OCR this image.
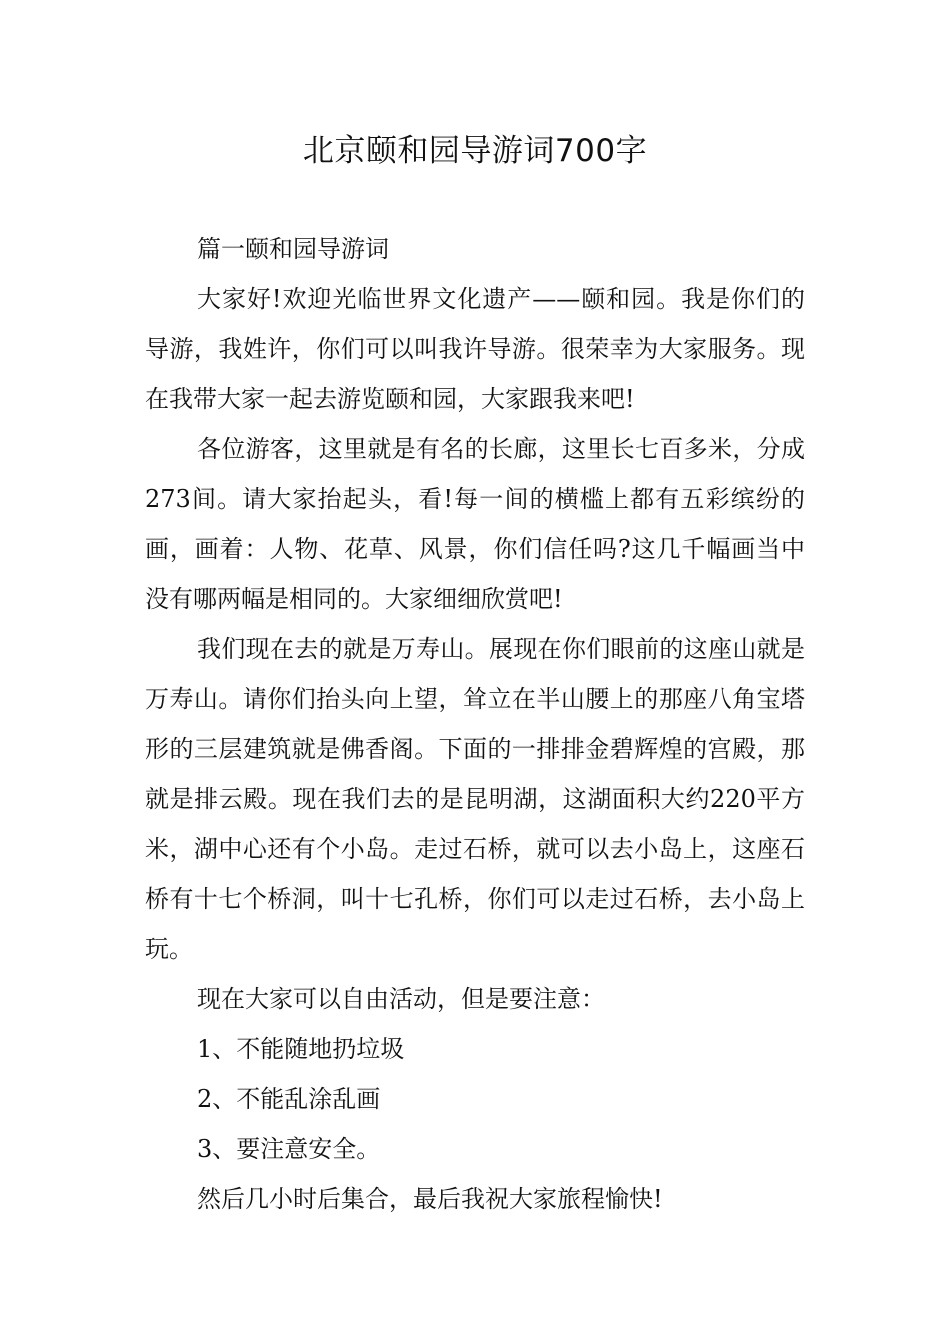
北京颐和园导游词700字

篇一颐和园导游词

大家好!欢迎光临世界文化遗产——颐和园。我是你们的导游，我姓许，你们可以叫我许导游。很荣幸为大家服务。现在我带大家一起去游览颐和园，大家跟我来吧!

各位游客，这里就是有名的长廊，这里长七百多米，分成273间。请大家抬起头，看!每一间的横槛上都有五彩缤纷的画，画着：人物、花草、风景，你们信任吗?这几千幅画当中没有哪两幅是相同的。大家细细欣赏吧!

我们现在去的就是万寿山。展现在你们眼前的这座山就是万寿山。请你们抬头向上望，耸立在半山腰上的那座八角宝塔形的三层建筑就是佛香阁。下面的一排排金碧辉煌的宫殿，那就是排云殿。现在我们去的是昆明湖，这湖面积大约220平方米，湖中心还有个小岛。走过石桥，就可以去小岛上，这座石桥有十七个桥洞，叫十七孔桥，你们可以走过石桥，去小岛上玩。

现在大家可以自由活动，但是要注意：

1、不能随地扔垃圾

2、不能乱涂乱画

3、要注意安全。

然后几小时后集合，最后我祝大家旅程愉快!
